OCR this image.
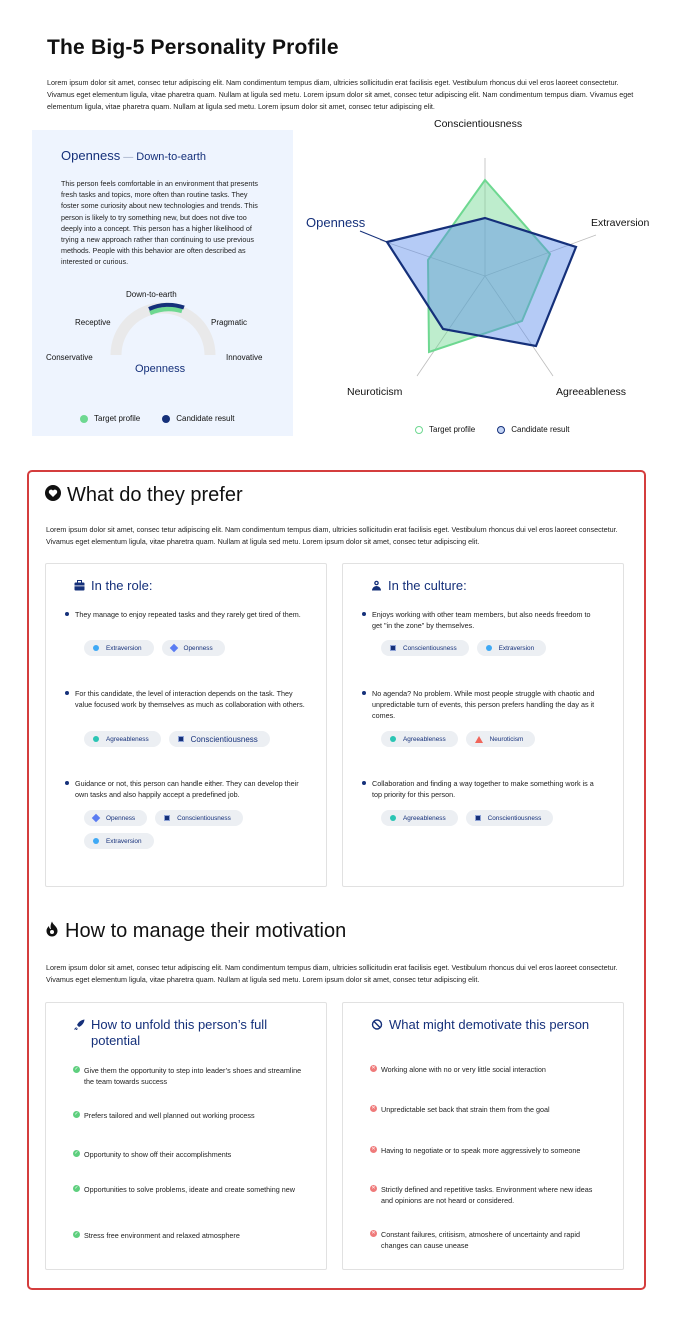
The Big-5 Personality Profile
Lorem ipsum dolor sit amet, consec tetur adipiscing elit. Nam condimentum tempus diam, ultricies sollicitudin erat facilisis eget. Vestibulum rhoncus dui vel eros laoreet consectetur. Vivamus eget elementum ligula, vitae pharetra quam. Nullam at ligula sed metu. Lorem ipsum dolor sit amet, consec tetur adipiscing elit. Nam condimentum tempus diam. Vivamus eget elementum ligula, vitae pharetra quam. Nullam at ligula sed metu. Lorem ipsum dolor sit amet, consec tetur adipiscing elit.
Openness — Down-to-earth
This person feels comfortable in an environment that presents fresh tasks and topics, more often than routine tasks. They foster some curiosity about new technologies and trends. This person is likely to try something new, but does not dive too deeply into a concept. This person has a higher likelihood of trying a new approach rather than continuing to use previous methods. People with this behavior are often described as interested or curious.
Down-to-earth
Receptive	Pragmatic
Conservative	Innovative
Openness
Target profile	Candidate result
Conscientiousness
Extraversion
Openness
Neuroticism	Agreeableness
Target profile	Candidate result
What do they prefer
Lorem ipsum dolor sit amet, consec tetur adipiscing elit. Nam condimentum tempus diam, ultricies sollicitudin erat facilisis eget. Vestibulum rhoncus dui vel eros laoreet consectetur. Vivamus eget elementum ligula, vitae pharetra quam. Nullam at ligula sed metu. Lorem ipsum dolor sit amet, consec tetur adipiscing elit.
In the role:
They manage to enjoy repeated tasks and they rarely get tired of them.
Extraversion	Openness
For this candidate, the level of interaction depends on the task. They value focused work by themselves as much as collaboration with others.
Agreeableness	Conscientiousness
Guidance or not, this person can handle either. They can develop their own tasks and also happily accept a predefined job.
Openness	Conscientiousness
Extraversion
In the culture:
Enjoys working with other team members, but also needs freedom to get "in the zone" by themselves.
Conscientiousness	Extraversion
No agenda? No problem. While most people struggle with chaotic and unpredictable turn of events, this person prefers handling the day as it comes.
Agreeableness	Neuroticism
Collaboration and finding a way together to make something work is a top priority for this person.
Agreeableness	Conscientiousness
How to manage their motivation
Lorem ipsum dolor sit amet, consec tetur adipiscing elit. Nam condimentum tempus diam, ultricies sollicitudin erat facilisis eget. Vestibulum rhoncus dui vel eros laoreet consectetur. Vivamus eget elementum ligula, vitae pharetra quam. Nullam at ligula sed metu. Lorem ipsum dolor sit amet, consec tetur adipiscing elit.
How to unfold this person’s full potential
✓ Give them the opportunity to step into leader’s shoes and streamline the team towards success
✓ Prefers tailored and well planned out working process
✓ Opportunity to show off their accomplishments
✓ Opportunities to solve problems, ideate and create something new
✓ Stress free environment and relaxed atmosphere
What might demotivate this person
✕ Working alone with no or very little social interaction
✕ Unpredictable set back that strain them from the goal
✕ Having to negotiate or to speak more aggressively to someone
✕ Strictly defined and repetitive tasks. Environment where new ideas and opinions are not heard or considered.
✕ Constant failures, critisism, atmoshere of uncertainty and rapid changes can cause unease
